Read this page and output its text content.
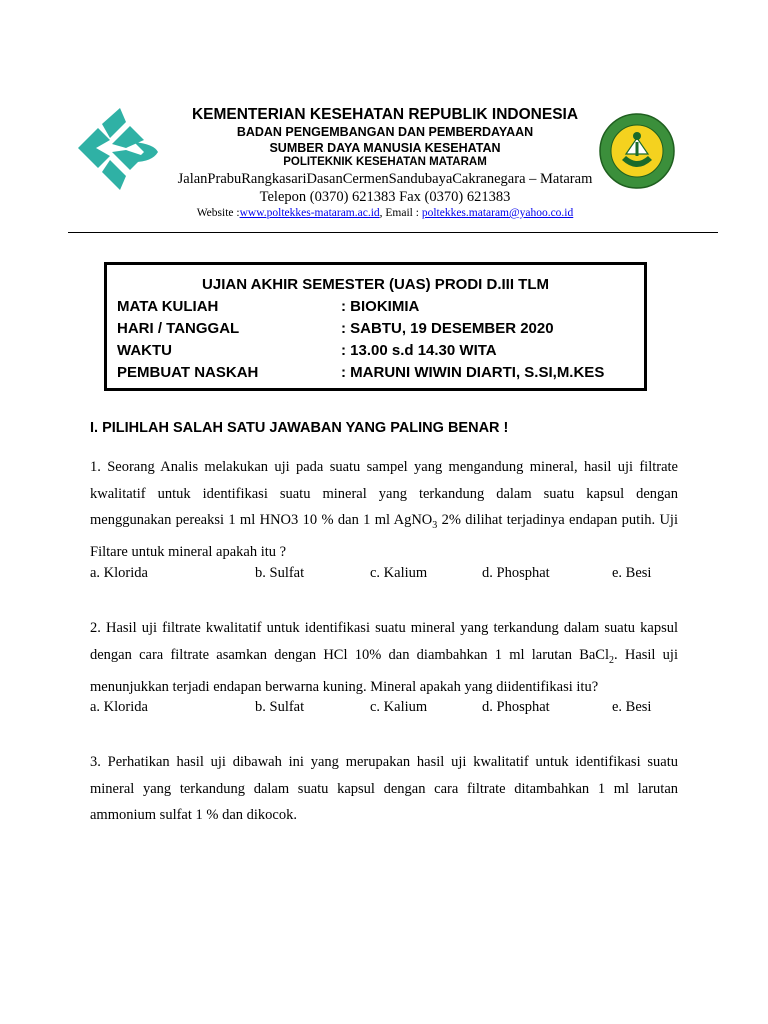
KEMENTERIAN KESEHATAN REPUBLIK INDONESIA
BADAN PENGEMBANGAN DAN PEMBERDAYAAN
SUMBER DAYA MANUSIA KESEHATAN
POLITEKNIK KESEHATAN MATARAM
JalanPrabuRangkasariDasanCermenSandubayaCakranegara – Mataram
Telepon (0370) 621383 Fax (0370) 621383
Website :www.poltekkes-mataram.ac.id, Email : poltekkes.mataram@yahoo.co.id
UJIAN AKHIR SEMESTER (UAS) PRODI D.III TLM
MATA KULIAH	: BIOKIMIA
HARI / TANGGAL	: SABTU, 19 DESEMBER 2020
WAKTU	: 13.00 s.d 14.30 WITA
PEMBUAT NASKAH	: MARUNI WIWIN DIARTI, S.SI,M.KES
I. PILIHLAH SALAH SATU JAWABAN YANG PALING BENAR !
1. Seorang Analis melakukan uji pada suatu sampel yang mengandung mineral, hasil uji filtrate kwalitatif untuk identifikasi suatu mineral yang terkandung dalam suatu kapsul dengan menggunakan pereaksi 1 ml HNO3 10 % dan 1 ml AgNO$_3$ 2% dilihat terjadinya endapan putih. Uji Filtare untuk mineral apakah itu ?
a. Klorida	b. Sulfat	c. Kalium	d. Phosphat	e. Besi
2. Hasil uji filtrate kwalitatif untuk identifikasi suatu mineral yang terkandung dalam suatu kapsul dengan cara filtrate asamkan dengan HCl 10% dan diambahkan 1 ml larutan BaCl$_2$. Hasil uji menunjukkan terjadi endapan berwarna kuning. Mineral apakah yang diidentifikasi itu?
a. Klorida	b. Sulfat	c. Kalium	d. Phosphat	e. Besi
3. Perhatikan hasil uji dibawah ini yang merupakan hasil uji kwalitatif untuk identifikasi suatu mineral yang terkandung dalam suatu kapsul dengan cara filtrate ditambahkan 1 ml larutan ammonium sulfat 1 % dan dikocok.
